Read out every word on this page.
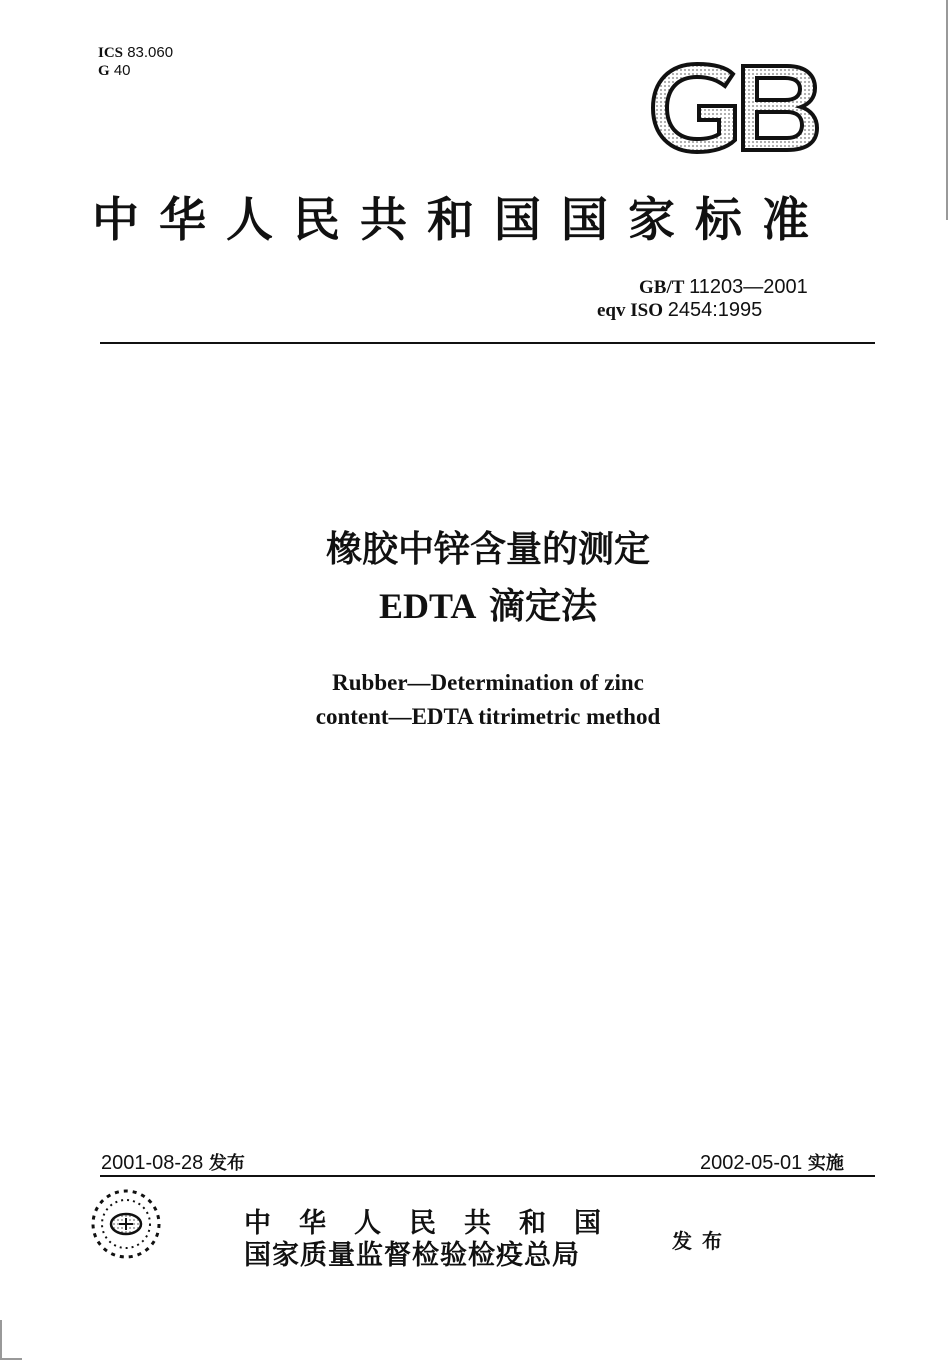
ICS 83.060
G 40
中华人民共和国国家标准
GB/T 11203—2001
eqv ISO 2454:1995
橡胶中锌含量的测定
EDTA 滴定法
Rubber—Determination of zinc
content—EDTA titrimetric method
2001-08-28 发布	2002-05-01 实施
中华人民共和国
国家质量监督检验检疫总局	发布
